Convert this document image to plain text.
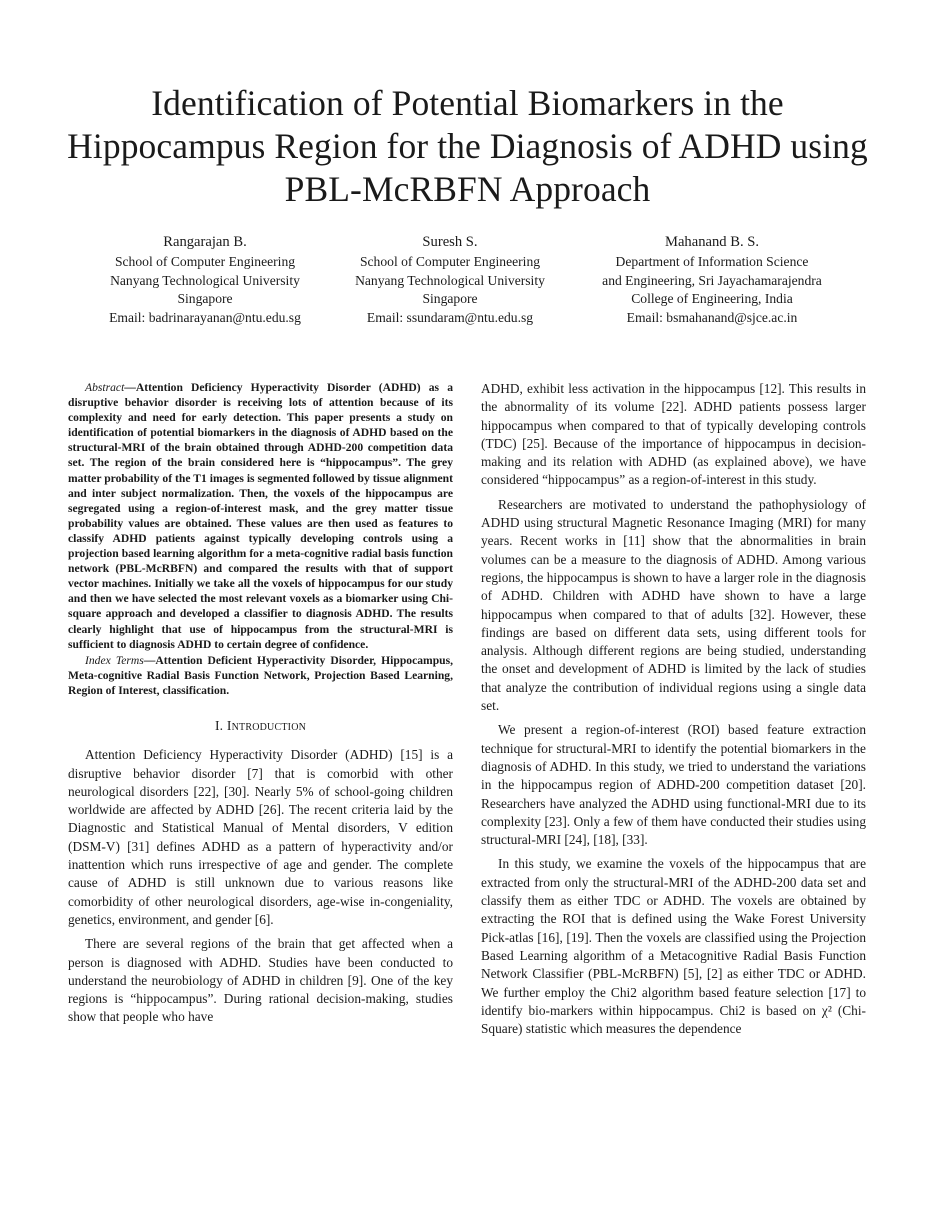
Identification of Potential Biomarkers in the Hippocampus Region for the Diagnosis of ADHD using PBL-McRBFN Approach
Rangarajan B.
School of Computer Engineering
Nanyang Technological University
Singapore
Email: badrinarayanan@ntu.edu.sg
Suresh S.
School of Computer Engineering
Nanyang Technological University
Singapore
Email: ssundaram@ntu.edu.sg
Mahanand B. S.
Department of Information Science
and Engineering, Sri Jayachamarajendra
College of Engineering, India
Email: bsmahanand@sjce.ac.in
Abstract—Attention Deficiency Hyperactivity Disorder (ADHD) as a disruptive behavior disorder is receiving lots of attention because of its complexity and need for early detection. This paper presents a study on identification of potential biomarkers in the diagnosis of ADHD based on the structural-MRI of the brain obtained through ADHD-200 competition data set. The region of the brain considered here is “hippocampus”. The grey matter probability of the T1 images is segmented followed by tissue alignment and inter subject normalization. Then, the voxels of the hippocampus are segregated using a region-of-interest mask, and the grey matter tissue probability values are obtained. These values are then used as features to classify ADHD patients against typically developing controls using a projection based learning algorithm for a meta-cognitive radial basis function network (PBL-McRBFN) and compared the results with that of support vector machines. Initially we take all the voxels of hippocampus for our study and then we have selected the most relevant voxels as a biomarker using Chi-square approach and developed a classifier to diagnosis ADHD. The results clearly highlight that use of hippocampus from the structural-MRI is sufficient to diagnosis ADHD to certain degree of confidence.
Index Terms—Attention Deficient Hyperactivity Disorder, Hippocampus, Meta-cognitive Radial Basis Function Network, Projection Based Learning, Region of Interest, classification.
I. Introduction

Attention Deficiency Hyperactivity Disorder (ADHD) [15] is a disruptive behavior disorder [7] that is comorbid with other neurological disorders [22], [30]. Nearly 5% of school-going children worldwide are affected by ADHD [26]. The recent criteria laid by the Diagnostic and Statistical Manual of Mental disorders, V edition (DSM-V) [31] defines ADHD as a pattern of hyperactivity and/or inattention which runs irrespective of age and gender. The complete cause of ADHD is still unknown due to various reasons like comorbidity of other neurological disorders, age-wise in-congeniality, genetics, environment, and gender [6].

There are several regions of the brain that get affected when a person is diagnosed with ADHD. Studies have been conducted to understand the neurobiology of ADHD in children [9]. One of the key regions is “hippocampus”. During rational decision-making, studies show that people who have

ADHD, exhibit less activation in the hippocampus [12]. This results in the abnormality of its volume [22]. ADHD patients possess larger hippocampus when compared to that of typically developing controls (TDC) [25]. Because of the importance of hippocampus in decision-making and its relation with ADHD (as explained above), we have considered “hippocampus” as a region-of-interest in this study.

Researchers are motivated to understand the pathophysiology of ADHD using structural Magnetic Resonance Imaging (MRI) for many years. Recent works in [11] show that the abnormalities in brain volumes can be a measure to the diagnosis of ADHD. Among various regions, the hippocampus is shown to have a larger role in the diagnosis of ADHD. Children with ADHD have shown to have a large hippocampus when compared to that of adults [32]. However, these findings are based on different data sets, using different tools for analysis. Although different regions are being studied, understanding the onset and development of ADHD is limited by the lack of studies that analyze the contribution of individual regions using a single data set.

We present a region-of-interest (ROI) based feature extraction technique for structural-MRI to identify the potential biomarkers in the diagnosis of ADHD. In this study, we tried to understand the variations in the hippocampus region of ADHD-200 competition dataset [20]. Researchers have analyzed the ADHD using functional-MRI due to its complexity [23]. Only a few of them have conducted their studies using structural-MRI [24], [18], [33].

In this study, we examine the voxels of the hippocampus that are extracted from only the structural-MRI of the ADHD-200 data set and classify them as either TDC or ADHD. The voxels are obtained by extracting the ROI that is defined using the Wake Forest University Pick-atlas [16], [19]. Then the voxels are classified using the Projection Based Learning algorithm of a Metacognitive Radial Basis Function Network Classifier (PBL-McRBFN) [5], [2] as either TDC or ADHD. We further employ the Chi2 algorithm based feature selection [17] to identify bio-markers within hippocampus. Chi2 is based on χ² (Chi-Square) statistic which measures the dependence
